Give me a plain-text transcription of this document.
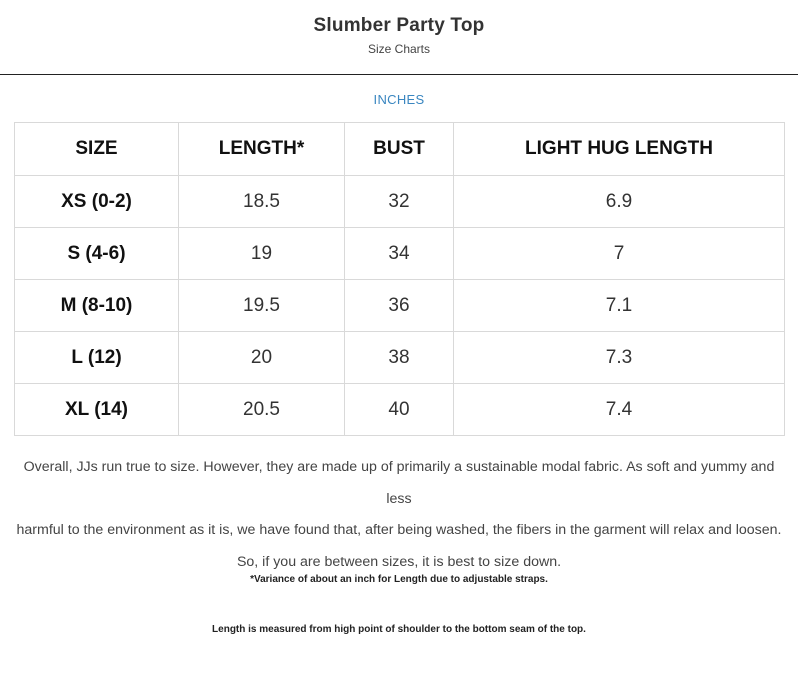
Slumber Party Top
Size Charts
INCHES
SIZE	LENGTH*	BUST	LIGHT HUG LENGTH
XS (0-2)	18.5	32	6.9
S (4-6)	19	34	7
M (8-10)	19.5	36	7.1
L (12)	20	38	7.3
XL (14)	20.5	40	7.4
Overall, JJs run true to size. However, they are made up of primarily a sustainable modal fabric. As soft and yummy and less
harmful to the environment as it is, we have found that, after being washed, the fibers in the garment will relax and loosen.
So, if you are between sizes, it is best to size down.
*Variance of about an inch for Length due to adjustable straps.
Length is measured from high point of shoulder to the bottom seam of the top.
